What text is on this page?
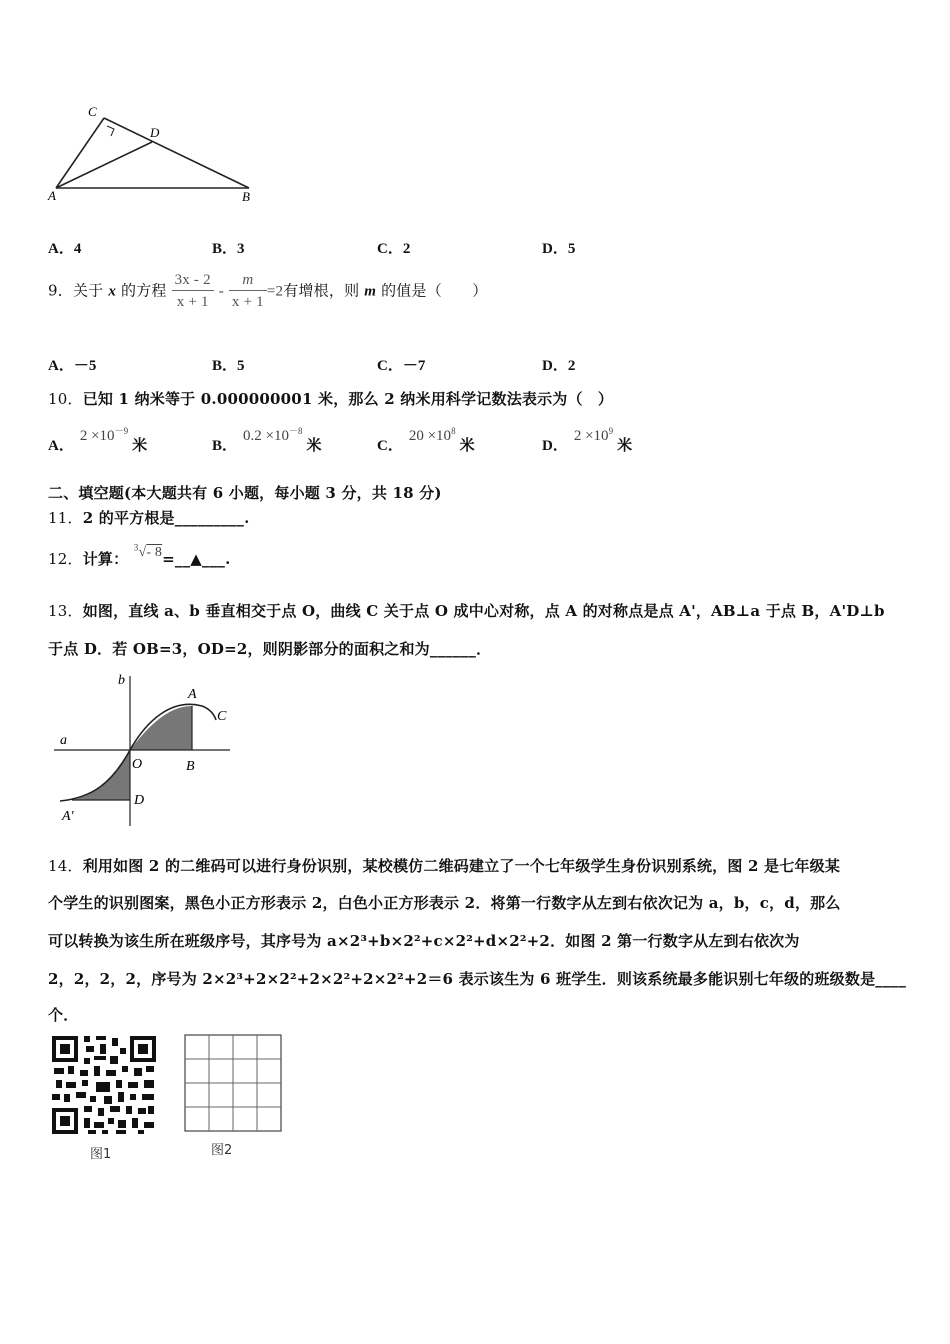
C
D
A	B
A．4	B．3	C．2	D．5
9．关于 x 的方程 $\frac{3x - 2}{x + 1} - \frac{m}{x + 1} =2$有增根，则 m 的值是（　　）
A．－5	B．5	C．－7	D．2
10．已知 1 纳米等于 0.000000001 米，那么 2 纳米用科学记数法表示为（　）
A．$2 \times 10^{-9}$米	B．$0.2 \times 10^{-8}$米	C．$20 \times 10^8$米	D．$2 \times 10^9$米
二、填空题(本大题共有 6 小题，每小题 3 分，共 18 分)
11．2 的平方根是_________.
12．计算： $^3$√- 8=__▲___.
13．如图，直线 a、b 垂直相交于点 O，曲线 C 关于点 O 成中心对称，点 A 的对称点是点 A'，AB⊥a 于点 B，A'D⊥b
于点 D．若 OB=3，OD=2，则阴影部分的面积之和为______．
b
A
C
a
O	B
D
A'
14．利用如图 2 的二维码可以进行身份识别，某校模仿二维码建立了一个七年级学生身份识别系统，图 2 是七年级某
个学生的识别图案，黑色小正方形表示 2，白色小正方形表示 2．将第一行数字从左到右依次记为 a，b，c，d，那么
可以转换为该生所在班级序号，其序号为 a×2³+b×2²+c×2²+d×2²+2．如图 2 第一行数字从左到右依次为
2，2，2，2，序号为 2×2³+2×2²+2×2²+2×2²+2＝6 表示该生为 6 班学生．则该系统最多能识别七年级的班级数是____
个．
图1	图2
